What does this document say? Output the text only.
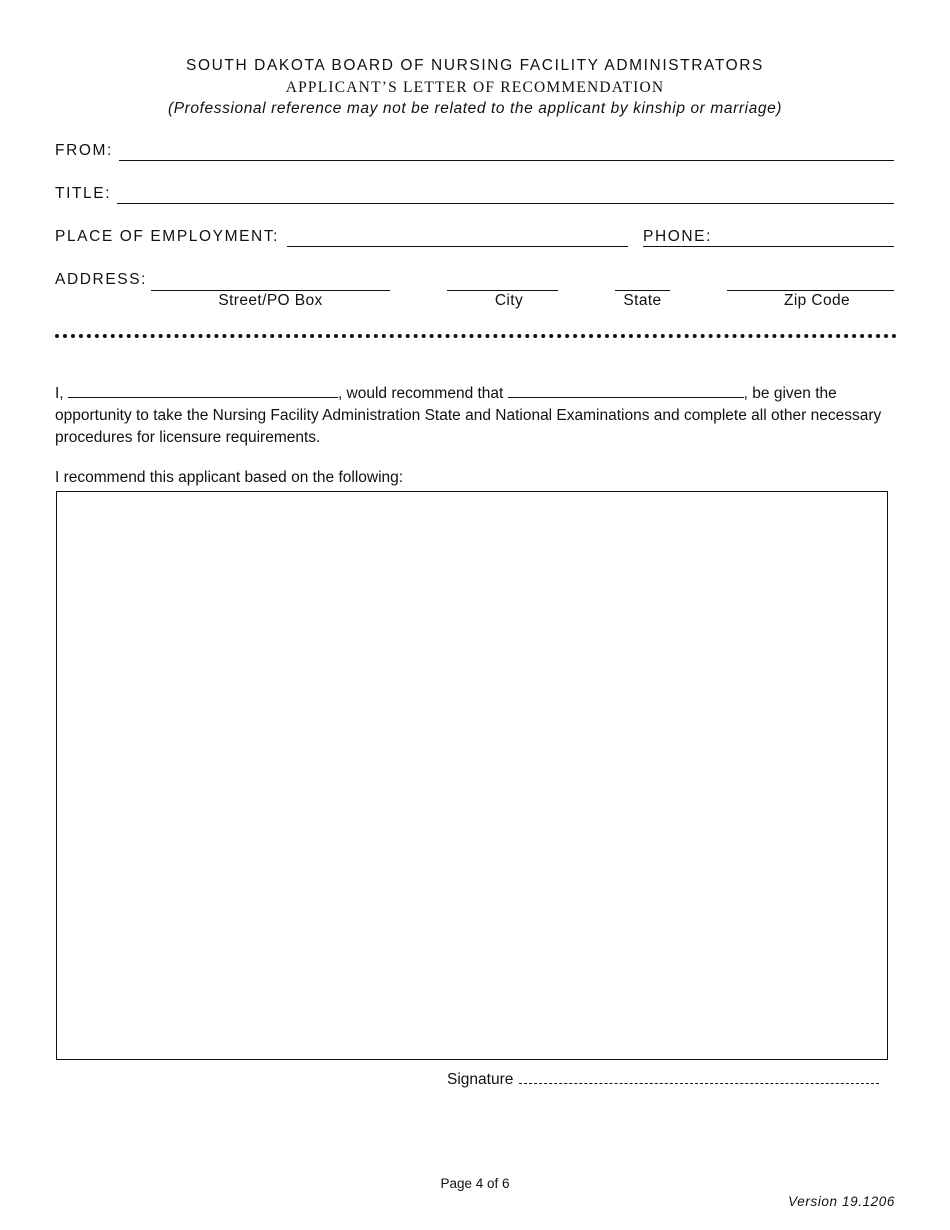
SOUTH DAKOTA BOARD OF NURSING FACILITY ADMINISTRATORS
APPLICANT’S LETTER OF RECOMMENDATION
(Professional reference may not be related to the applicant by kinship or marriage)
FROM:
TITLE:
PLACE OF EMPLOYMENT:	PHONE:
ADDRESS:
Street/PO Box	City	State	Zip Code
I,	, would recommend that	, be given the opportunity to take the Nursing Facility Administration State and National Examinations and complete all other necessary procedures for licensure requirements.
I recommend this applicant based on the following:
Signature
Page 4 of 6
Version 19.1206
